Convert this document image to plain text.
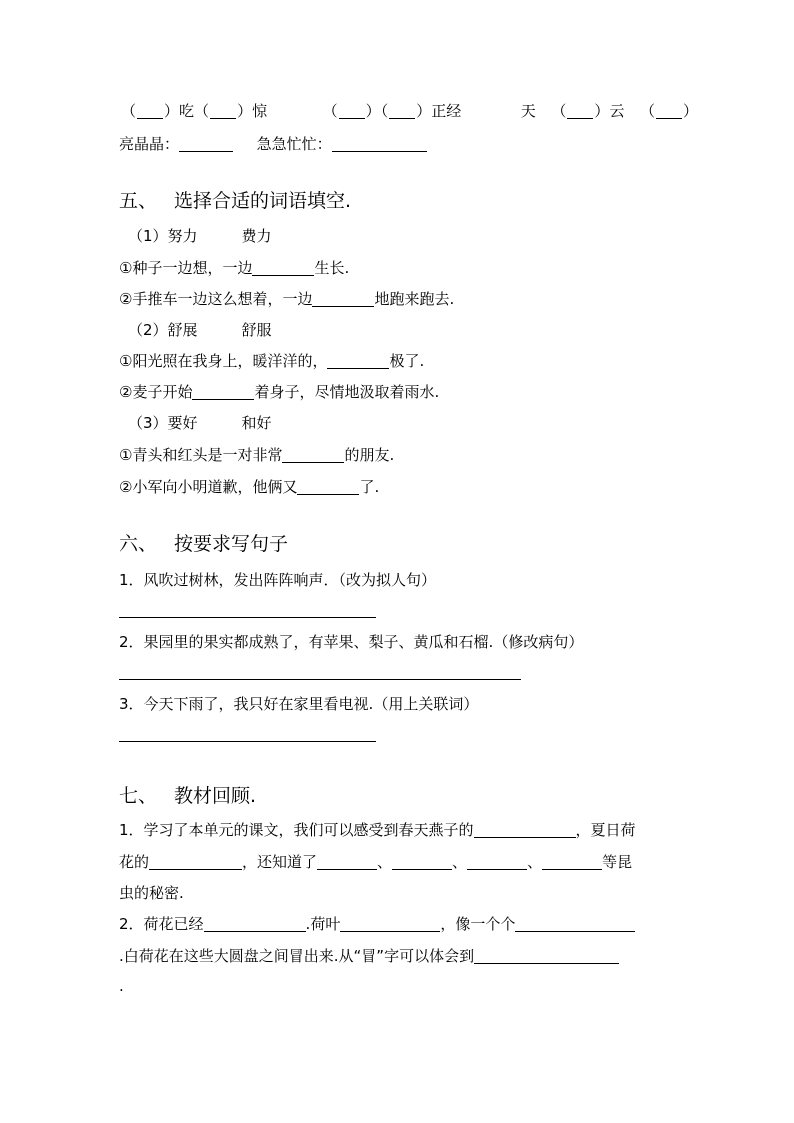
（ ）吃（ ）惊	（ ）（ ）正经	天 （ ）云 （ ）
亮晶晶：	急急忙忙：
五、 选择合适的词语填空.
（1）努力	费力
①种子一边想，一边	生长.
②手推车一边这么想着，一边	地跑来跑去.
（2）舒展	舒服
①阳光照在我身上，暖洋洋的，	极了.
②麦子开始	着身子，尽情地汲取着雨水.
（3）要好	和好
①青头和红头是一对非常	的朋友.
②小军向小明道歉，他俩又	了.
六、 按要求写句子
1．风吹过树林，发出阵阵响声．（改为拟人句）
2．果园里的果实都成熟了，有苹果、梨子、黄瓜和石榴.（修改病句）
3．今天下雨了，我只好在家里看电视.（用上关联词）
七、 教材回顾.
1．学习了本单元的课文，我们可以感受到春天燕子的	，夏日荷
花的	，还知道了	、	、	、	等昆
虫的秘密.
2．荷花已经	.荷叶	，像一个个
.白荷花在这些大圆盘之间冒出来.从“冒”字可以体会到
.
